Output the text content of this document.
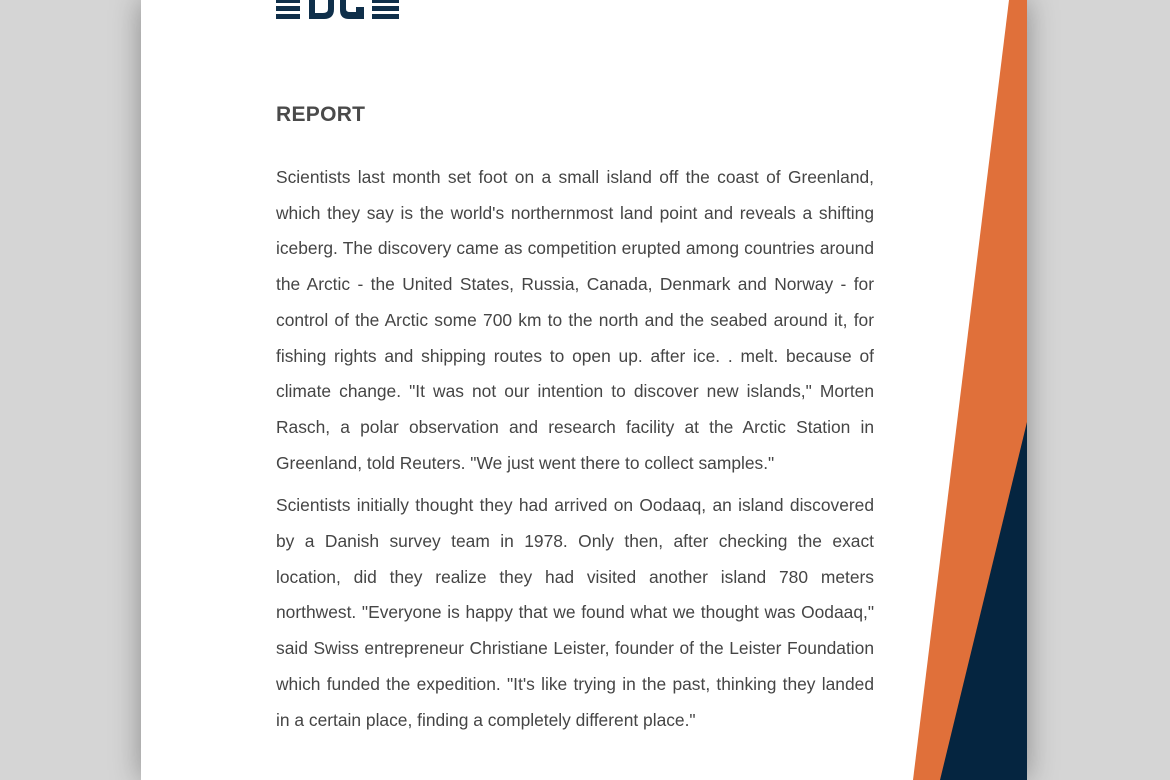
REPORT

Scientists last month set foot on a small island off the coast of Greenland, which they say is the world's northernmost land point and reveals a shifting iceberg. The discovery came as competition erupted among countries around the Arctic - the United States, Russia, Canada, Denmark and Norway - for control of the Arctic some 700 km to the north and the seabed around it, for fishing rights and shipping routes to open up. after ice. . melt. because of climate change. "It was not our intention to discover new islands," Morten Rasch, a polar observation and research facility at the Arctic Station in Greenland, told Reuters. "We just went there to collect samples."

Scientists initially thought they had arrived on Oodaaq, an island discovered by a Danish survey team in 1978. Only then, after checking the exact location, did they realize they had visited another island 780 meters northwest. "Everyone is happy that we found what we thought was Oodaaq," said Swiss entrepreneur Christiane Leister, founder of the Leister Foundation which funded the expedition. "It's like trying in the past, thinking they landed in a certain place, finding a completely different place."
